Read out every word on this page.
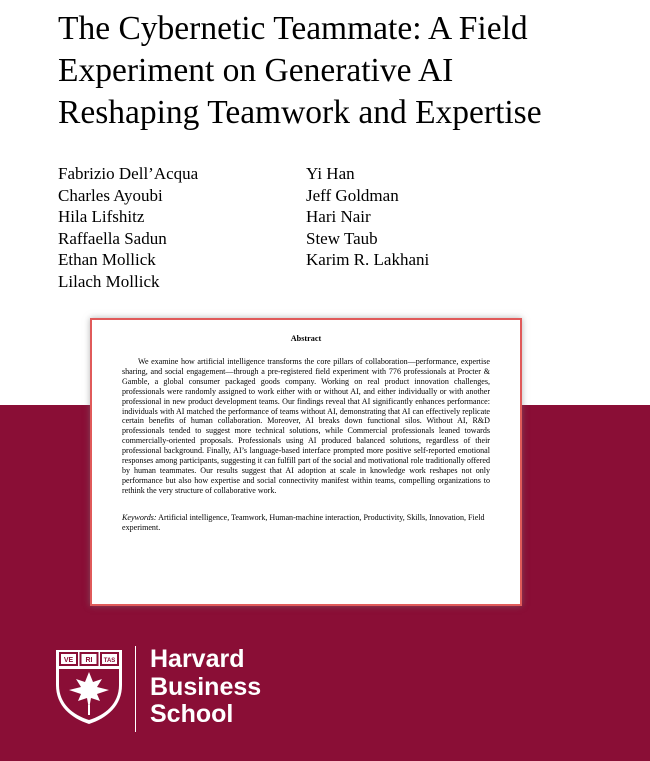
The Cybernetic Teammate: A Field
Experiment on Generative AI
Reshaping Teamwork and Expertise
Fabrizio Dell’Acqua
Charles Ayoubi
Hila Lifshitz
Raffaella Sadun
Ethan Mollick
Lilach Mollick
Yi Han
Jeff Goldman
Hari Nair
Stew Taub
Karim R. Lakhani
Abstract

We examine how artificial intelligence transforms the core pillars of collaboration—performance, expertise sharing, and social engagement—through a pre-registered field experiment with 776 professionals at Procter & Gamble, a global consumer packaged goods company. Working on real product innovation challenges, professionals were randomly assigned to work either with or without AI, and either individually or with another professional in new product development teams. Our findings reveal that AI significantly enhances performance: individuals with AI matched the performance of teams without AI, demonstrating that AI can effectively replicate certain benefits of human collaboration. Moreover, AI breaks down functional silos. Without AI, R&D professionals tended to suggest more technical solutions, while Commercial professionals leaned towards commercially-oriented proposals. Professionals using AI produced balanced solutions, regardless of their professional background. Finally, AI’s language-based interface prompted more positive self-reported emotional responses among participants, suggesting it can fulfill part of the social and motivational role traditionally offered by human teammates. Our results suggest that AI adoption at scale in knowledge work reshapes not only performance but also how expertise and social connectivity manifest within teams, compelling organizations to rethink the very structure of collaborative work.

Keywords: Artificial intelligence, Teamwork, Human-machine interaction, Productivity, Skills, Innovation, Field experiment.

VE RI TAS Harvard
Business
School
